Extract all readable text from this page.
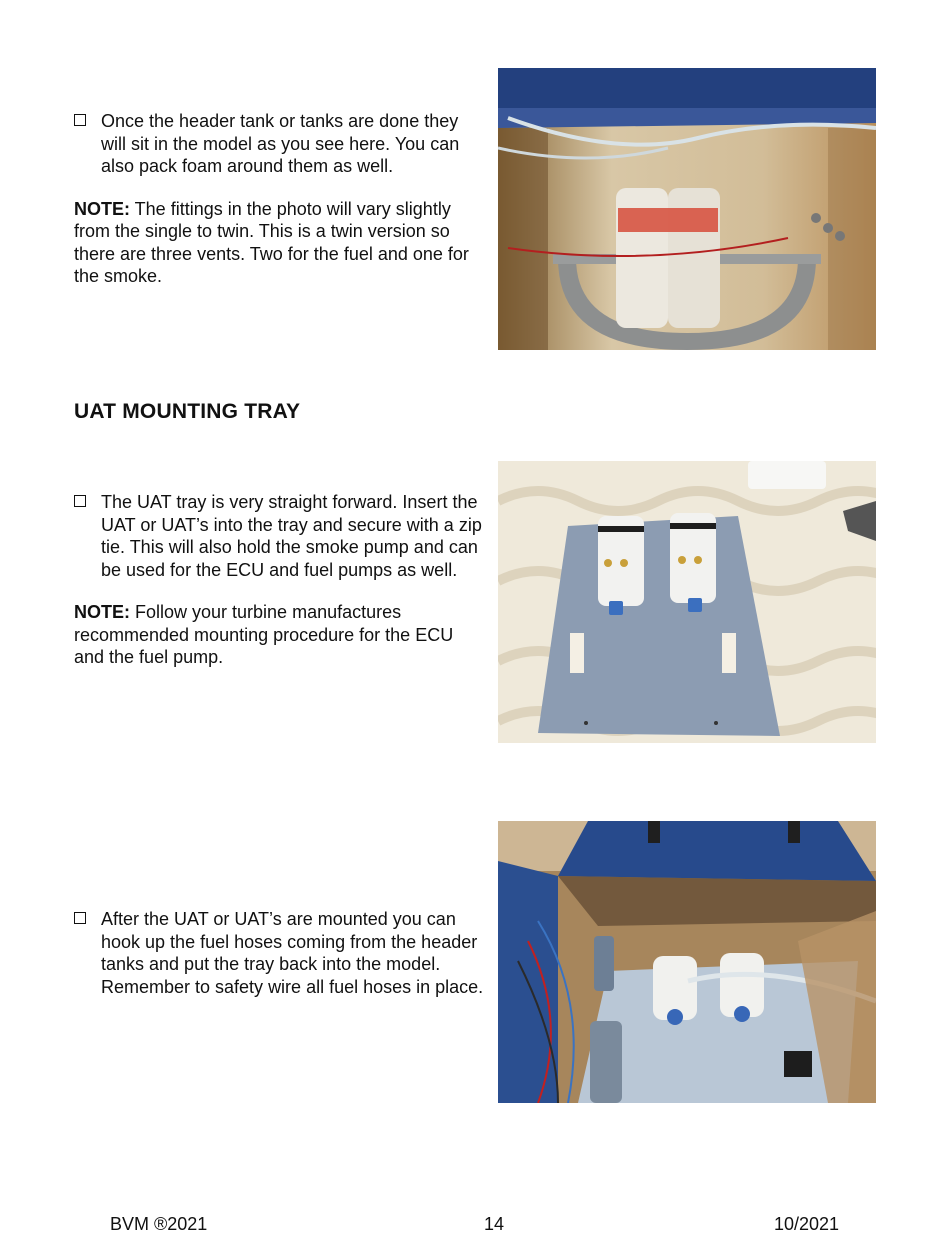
Once the header tank or tanks are done they will sit in the model as you see here. You can also pack foam around them as well.
NOTE: The fittings in the photo will vary slightly from the single to twin. This is a twin version so there are three vents. Two for the fuel and one for the smoke.
UAT MOUNTING TRAY
The UAT tray is very straight forward. Insert the UAT or UAT’s into the tray and secure with a zip tie. This will also hold the smoke pump and can be used for the ECU and fuel pumps as well.
NOTE: Follow your turbine manufactures recommended mounting procedure for the ECU and the fuel pump.
After the UAT or UAT’s are mounted you can hook up the fuel hoses coming from the header tanks and put the tray back into the model. Remember to safety wire all fuel hoses in place.
BVM ®2021	14	10/2021
